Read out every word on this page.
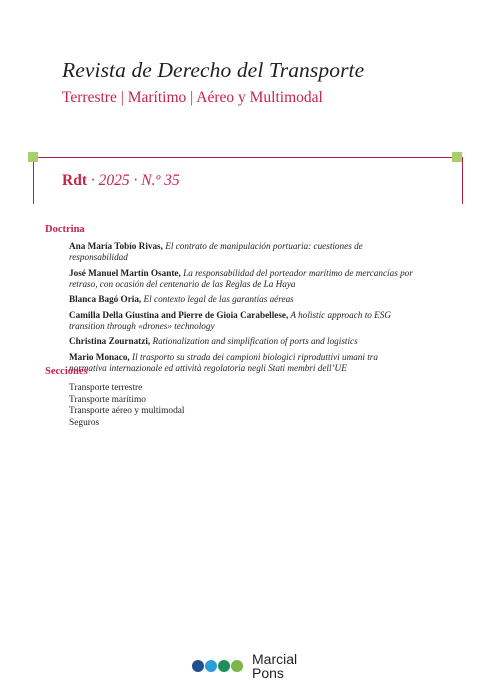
Revista de Derecho del Transporte
Terrestre | Marítimo | Aéreo y Multimodal
Rdt · 2025 · N.º 35
Doctrina
Ana María Tobío Rivas, El contrato de manipulación portuaria: cuestiones de responsabilidad
José Manuel Martín Osante, La responsabilidad del porteador marítimo de mercancías por retraso, con ocasión del centenario de las Reglas de La Haya
Blanca Bagó Oria, El contexto legal de las garantías aéreas
Camilla Della Giustina and Pierre de Gioia Carabellese, A holistic approach to ESG transition through «drones» technology
Christina Zournatzi, Rationalization and simplification of ports and logistics
Mario Monaco, Il trasporto su strada dei campioni biologici riproduttivi umani tra normativa internazionale ed attività regolatoria negli Stati membri dell’UE
Secciones
Transporte terrestre
Transporte marítimo
Transporte aéreo y multimodal
Seguros
Marcial
Pons
